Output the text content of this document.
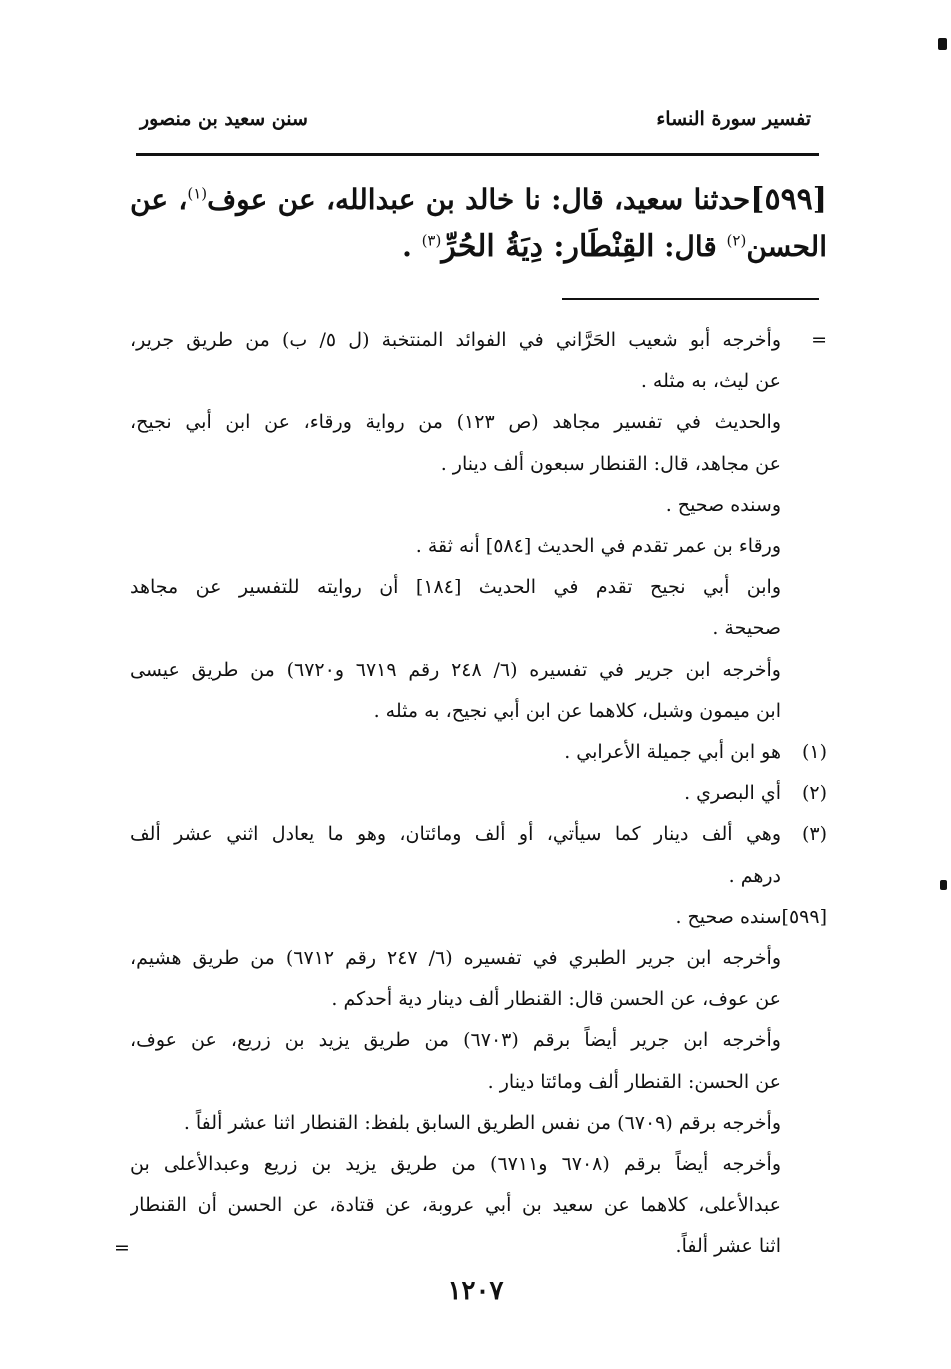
تفسير سورة النساء
سنن سعيد بن منصور
[٥٩٩]حدثنا سعيد، قال: نا خالد بن عبدالله، عن عوف$^{(١)}$، عن الحسن$^{(٢)}$ قال: القِنْطَار: دِيَةُ الحُرِّ$^{(٣)}$ .
=
وأخرجه أبو شعيب الحَرَّاني في الفوائد المنتخبة (ل ٥/ ب) من طريق جرير،
عن ليث، به مثله .
والحديث في تفسير مجاهد (ص ١٢٣) من رواية ورقاء، عن ابن أبي نجيح،
عن مجاهد، قال: القنطار سبعون ألف دينار .
وسنده صحيح .
ورقاء بن عمر تقدم في الحديث [٥٨٤] أنه ثقة .
وابن أبي نجيح تقدم في الحديث [١٨٤] أن روايته للتفسير عن مجاهد
صحيحة .
وأخرجه ابن جرير في تفسيره (٦/ ٢٤٨ رقم ٦٧١٩ و٦٧٢٠) من طريق عيسى
ابن ميمون وشبل، كلاهما عن ابن أبي نجيح، به مثله .
(١)هو ابن أبي جميلة الأعرابي .
(٢)أي البصري .
(٣)وهي ألف دينار كما سيأتي، أو ألف ومائتان، وهو ما يعادل اثني عشر ألف
درهم .
[٥٩٩]سنده صحيح .
وأخرجه ابن جرير الطبري في تفسيره (٦/ ٢٤٧ رقم ٦٧١٢) من طريق هشيم،
عن عوف، عن الحسن قال: القنطار ألف دينار دية أحدكم .
وأخرجه ابن جرير أيضاً برقم (٦٧٠٣) من طريق يزيد بن زريع، عن عوف،
عن الحسن: القنطار ألف ومائتا دينار .
وأخرجه برقم (٦٧٠٩) من نفس الطريق السابق بلفظ: القنطار اثنا عشر ألفاً .
وأخرجه أيضاً برقم (٦٧٠٨ و٦٧١١) من طريق يزيد بن زريع وعبدالأعلى بن
عبدالأعلى، كلاهما عن سعيد بن أبي عروبة، عن قتادة، عن الحسن أن القنطار
اثنا عشر ألفاً.
=
١٢٠٧
